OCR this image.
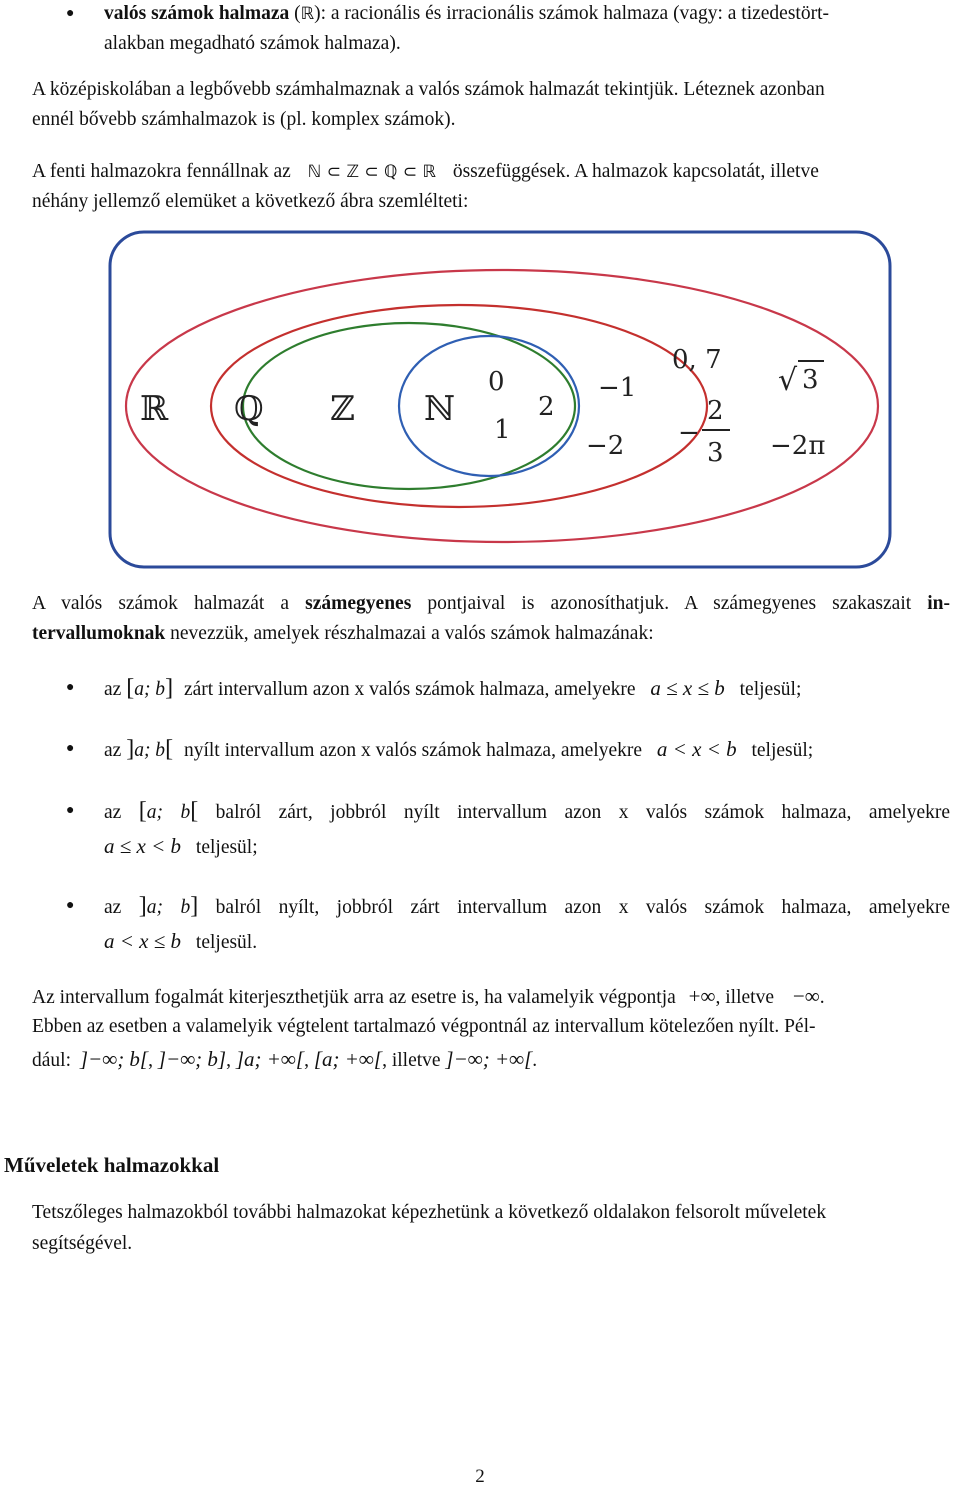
● valós számok halmaza (ℝ): a racionális és irracionális számok halmaza (vagy: a tizedestört-
alakban megadható számok halmaza).
A középiskolában a legbővebb számhalmaznak a valós számok halmazát tekintjük. Léteznek azonban
ennél bővebb számhalmazok is (pl. komplex számok).
A fenti halmazokra fennállnak az ℕ ⊂ ℤ ⊂ ℚ ⊂ ℝ összefüggések. A halmazok kapcsolatát, illetve
néhány jellemző elemüket a következő ábra szemlélteti:
ℝ ℚ ℤ ℕ
0
1
2
−1
−2
0, 7
−
2
3
√ 3
−2π
A valós számok halmazát a számegyenes pontjaival is azonosíthatjuk. A számegyenes szakaszait in-
tervallumoknak nevezzük, amelyek részhalmazai a valós számok halmazának:
● az [a; b] zárt intervallum azon x valós számok halmaza, amelyekre a ≤ x ≤ b teljesül;
● az ]a; b[ nyílt intervallum azon x valós számok halmaza, amelyekre a < x < b teljesül;
● az [a; b[ balról zárt, jobbról nyílt intervallum azon x valós számok halmaza, amelyekre
a ≤ x < b teljesül;
● az ]a; b] balról nyílt, jobbról zárt intervallum azon x valós számok halmaza, amelyekre
a < x ≤ b teljesül.
Az intervallum fogalmát kiterjeszthetjük arra az esetre is, ha valamelyik végpontja +∞, illetve −∞.
Ebben az esetben a valamelyik végtelent tartalmazó végpontnál az intervallum kötelezően nyílt. Pél-
dául: ]−∞; b[, ]−∞; b], ]a; +∞[, [a; +∞[, illetve ]−∞; +∞[.
Műveletek halmazokkal
Tetszőleges halmazokból további halmazokat képezhetünk a következő oldalakon felsorolt műveletek
segítségével.
2
